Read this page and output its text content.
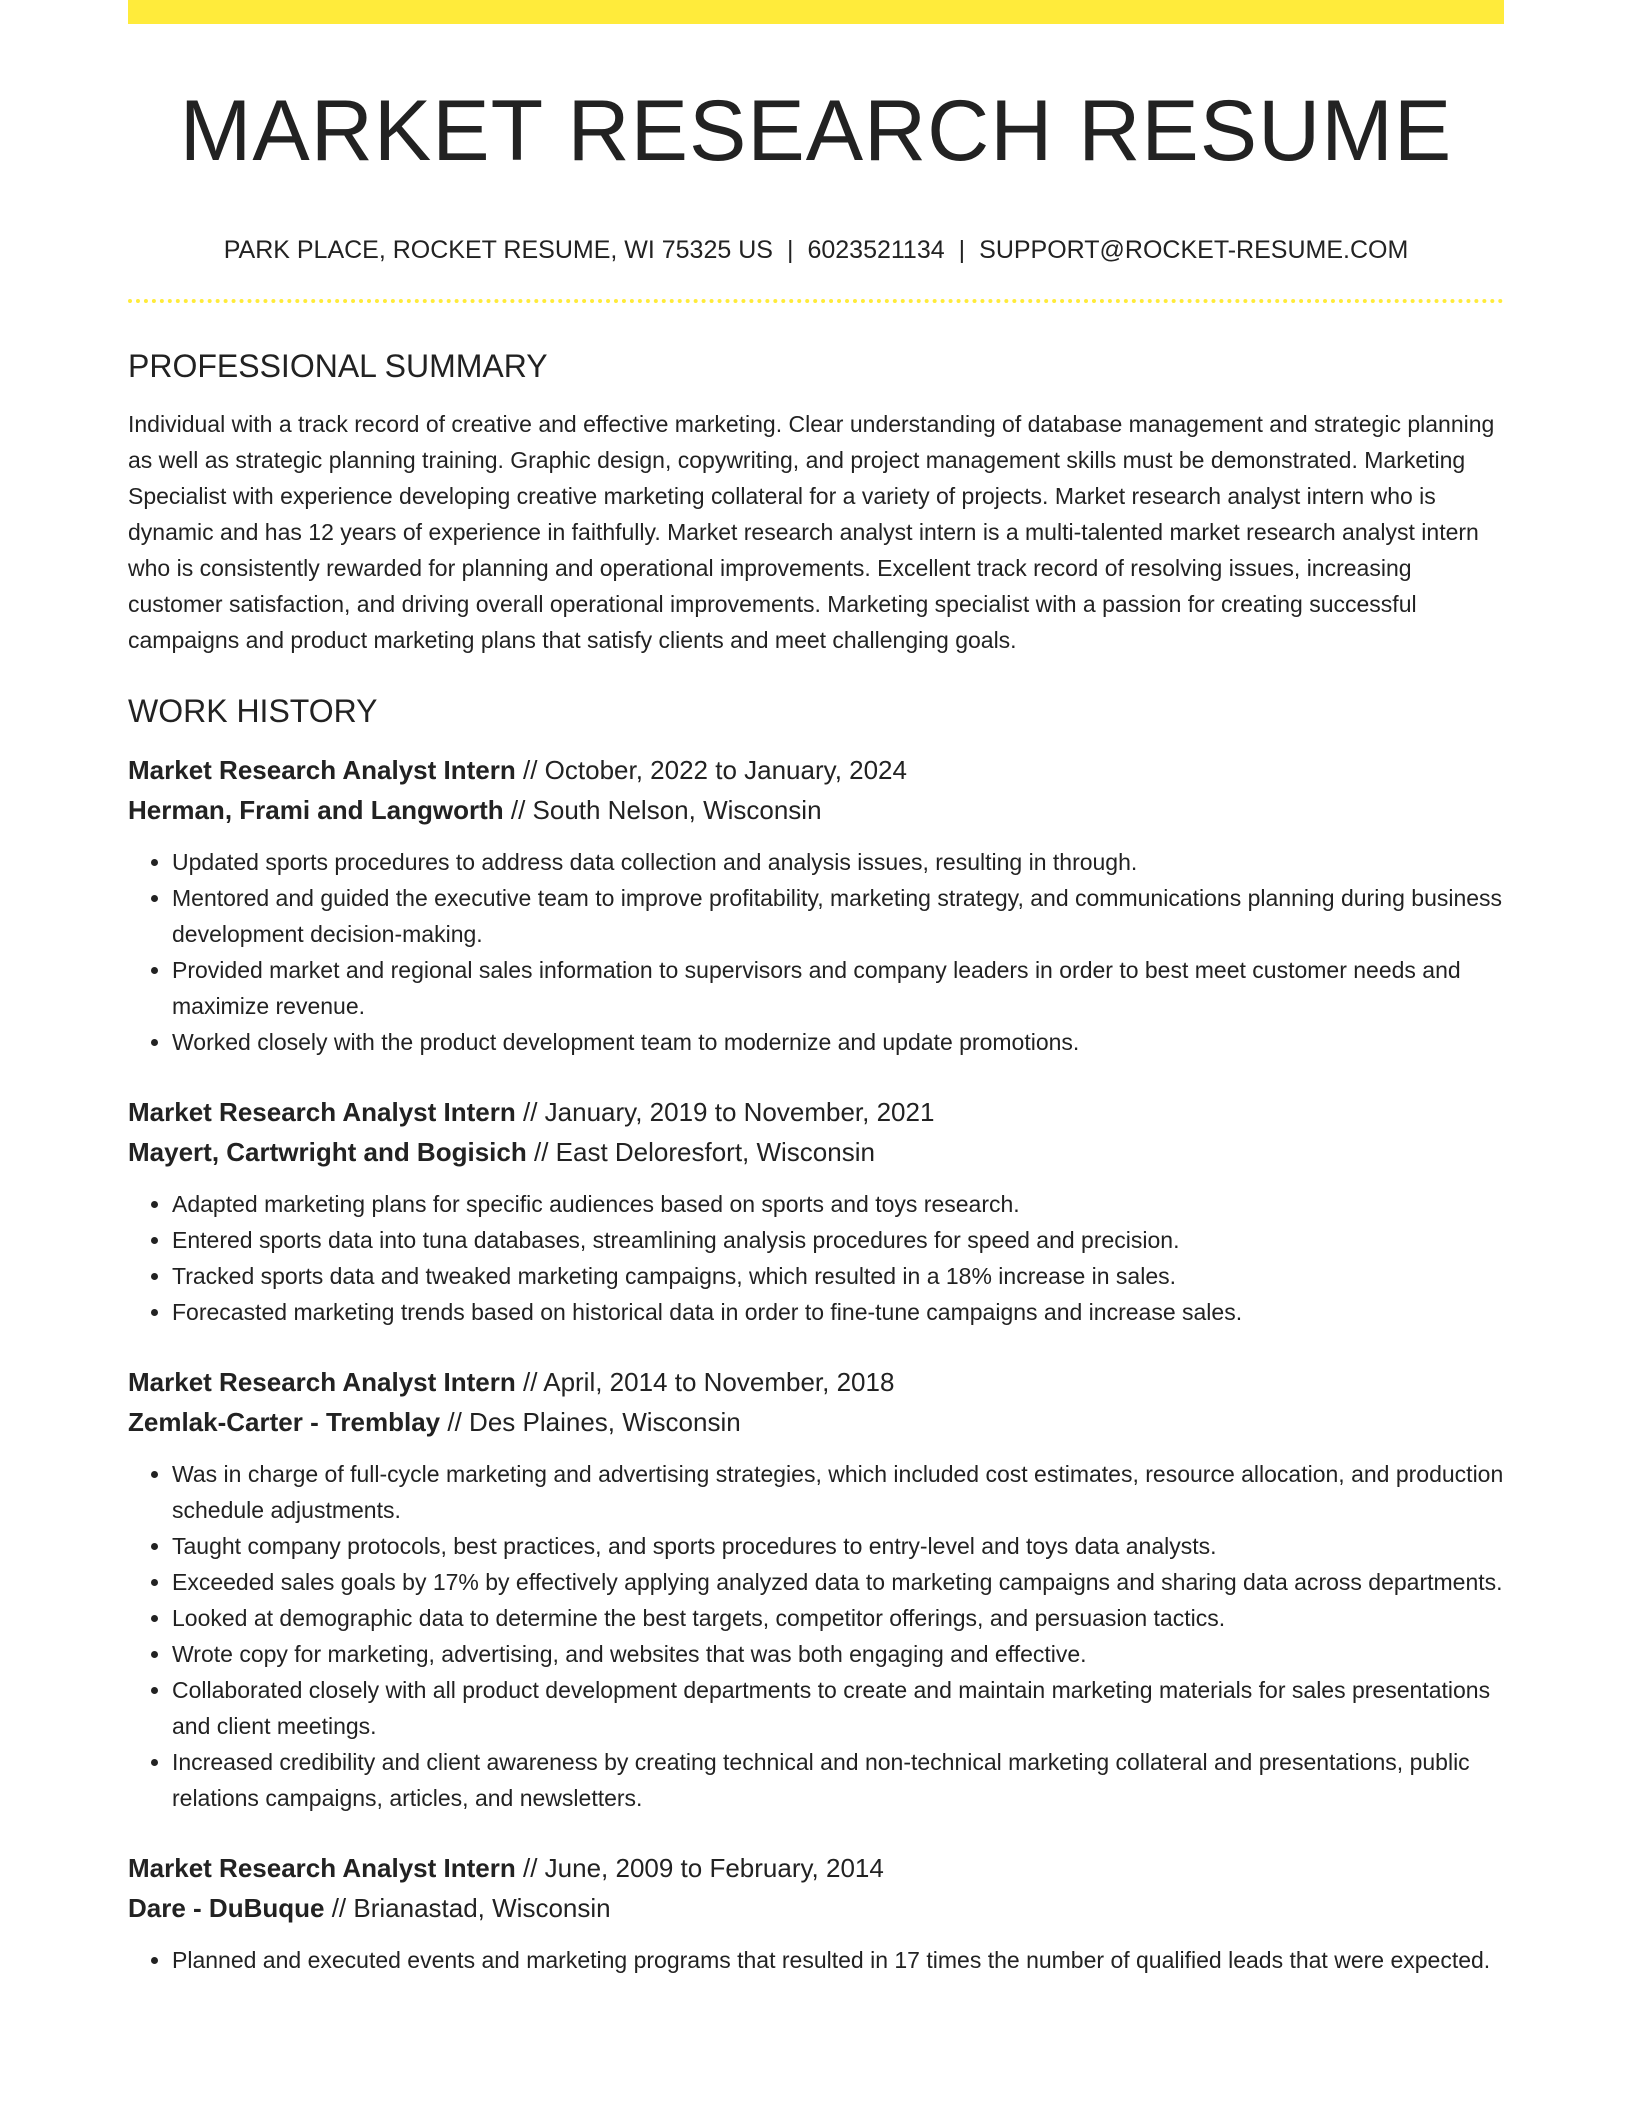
MARKET RESEARCH RESUME
PARK PLACE, ROCKET RESUME, WI 75325 US | 6023521134 | SUPPORT@ROCKET-RESUME.COM
PROFESSIONAL SUMMARY

Individual with a track record of creative and effective marketing. Clear understanding of database management and strategic planning as well as strategic planning training. Graphic design, copywriting, and project management skills must be demonstrated. Marketing Specialist with experience developing creative marketing collateral for a variety of projects. Market research analyst intern who is dynamic and has 12 years of experience in faithfully. Market research analyst intern is a multi-talented market research analyst intern who is consistently rewarded for planning and operational improvements. Excellent track record of resolving issues, increasing customer satisfaction, and driving overall operational improvements. Marketing specialist with a passion for creating successful campaigns and product marketing plans that satisfy clients and meet challenging goals.

WORK HISTORY
Market Research Analyst Intern // October, 2022 to January, 2024
Herman, Frami and Langworth // South Nelson, Wisconsin
• Updated sports procedures to address data collection and analysis issues, resulting in through.
• Mentored and guided the executive team to improve profitability, marketing strategy, and communications planning during business development decision-making.
• Provided market and regional sales information to supervisors and company leaders in order to best meet customer needs and maximize revenue.
• Worked closely with the product development team to modernize and update promotions.
Market Research Analyst Intern // January, 2019 to November, 2021
Mayert, Cartwright and Bogisich // East Deloresfort, Wisconsin
• Adapted marketing plans for specific audiences based on sports and toys research.
• Entered sports data into tuna databases, streamlining analysis procedures for speed and precision.
• Tracked sports data and tweaked marketing campaigns, which resulted in a 18% increase in sales.
• Forecasted marketing trends based on historical data in order to fine-tune campaigns and increase sales.
Market Research Analyst Intern // April, 2014 to November, 2018
Zemlak-Carter - Tremblay // Des Plaines, Wisconsin
• Was in charge of full-cycle marketing and advertising strategies, which included cost estimates, resource allocation, and production schedule adjustments.
• Taught company protocols, best practices, and sports procedures to entry-level and toys data analysts.
• Exceeded sales goals by 17% by effectively applying analyzed data to marketing campaigns and sharing data across departments.
• Looked at demographic data to determine the best targets, competitor offerings, and persuasion tactics.
• Wrote copy for marketing, advertising, and websites that was both engaging and effective.
• Collaborated closely with all product development departments to create and maintain marketing materials for sales presentations and client meetings.
• Increased credibility and client awareness by creating technical and non-technical marketing collateral and presentations, public relations campaigns, articles, and newsletters.
Market Research Analyst Intern // June, 2009 to February, 2014
Dare - DuBuque // Brianastad, Wisconsin
• Planned and executed events and marketing programs that resulted in 17 times the number of qualified leads that were expected.
